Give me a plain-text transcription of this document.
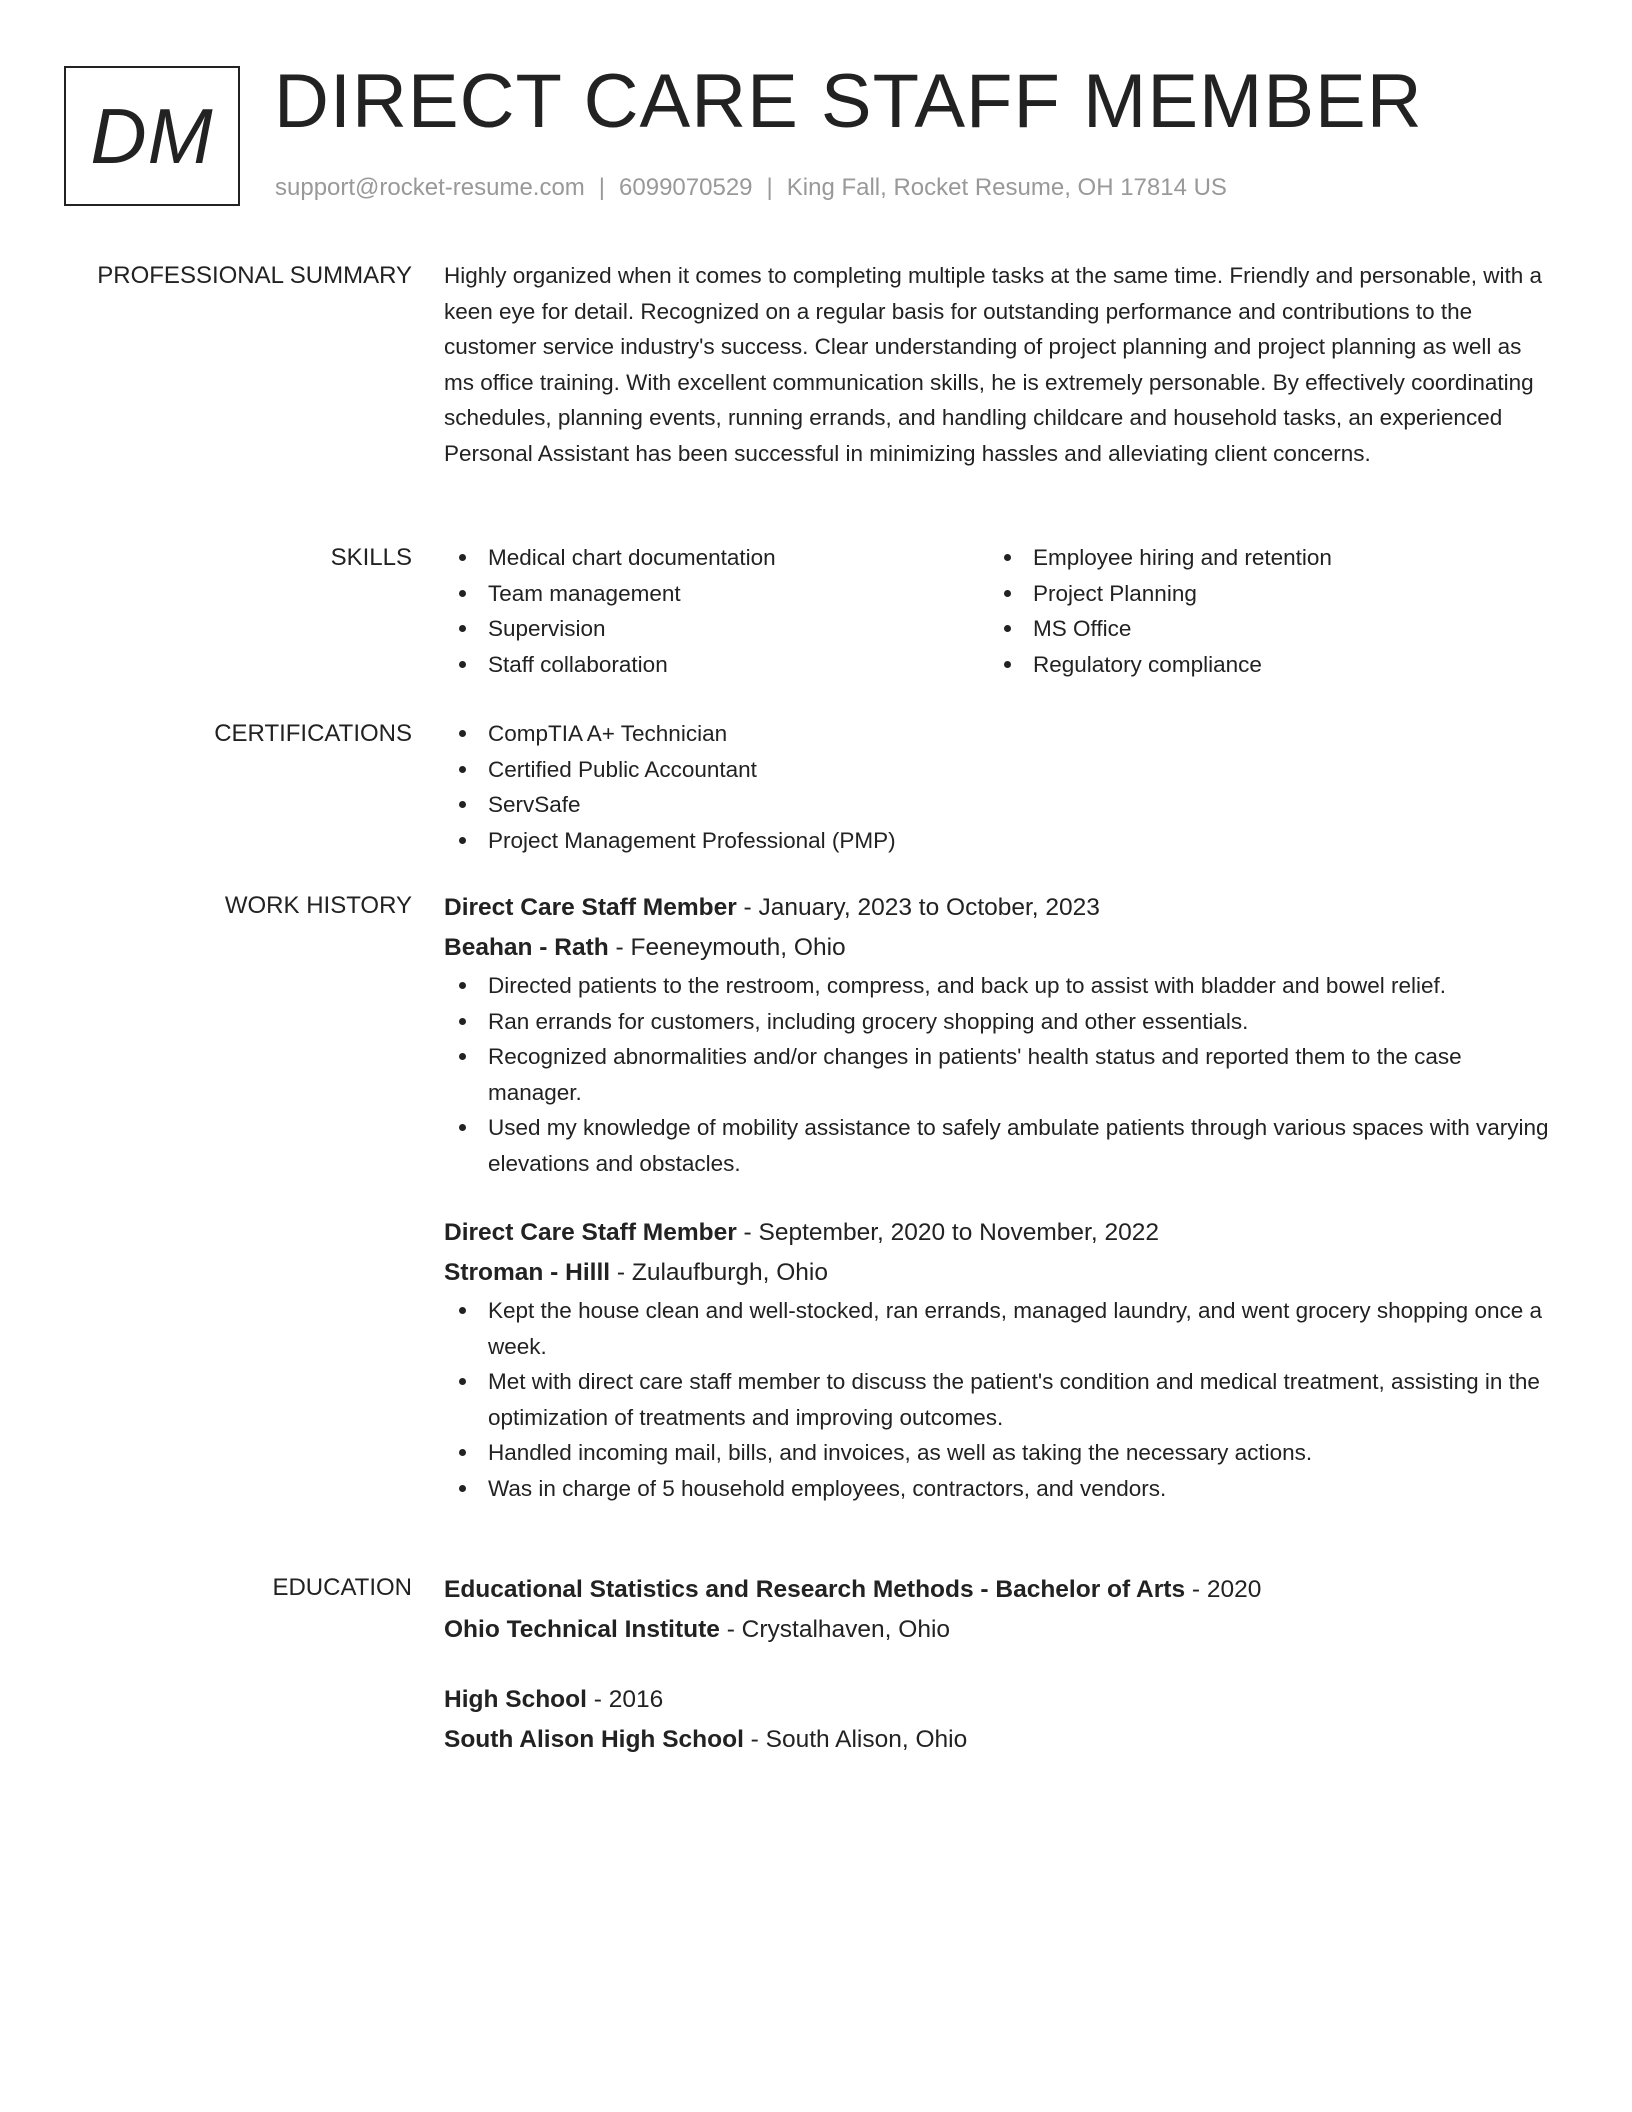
DM DIRECT CARE STAFF MEMBER
support@rocket-resume.com | 6099070529 | King Fall, Rocket Resume, OH 17814 US
PROFESSIONAL SUMMARY Highly organized when it comes to completing multiple tasks at the same time. Friendly and personable, with a keen eye for detail. Recognized on a regular basis for outstanding performance and contributions to the customer service industry's success. Clear understanding of project planning and project planning as well as ms office training. With excellent communication skills, he is extremely personable. By effectively coordinating schedules, planning events, running errands, and handling childcare and household tasks, an experienced Personal Assistant has been successful in minimizing hassles and alleviating client concerns.
SKILLS	Medical chart documentation
Team management
Supervision
Staff collaboration
Employee hiring and retention
Project Planning
MS Office
Regulatory compliance
CERTIFICATIONS	CompTIA A+ Technician
Certified Public Accountant
ServSafe
Project Management Professional (PMP)
WORK HISTORY Direct Care Staff Member - January, 2023 to October, 2023
Beahan - Rath - Feeneymouth, Ohio
Directed patients to the restroom, compress, and back up to assist with bladder and bowel relief.
Ran errands for customers, including grocery shopping and other essentials.
Recognized abnormalities and/or changes in patients' health status and reported them to the case manager.
Used my knowledge of mobility assistance to safely ambulate patients through various spaces with varying elevations and obstacles.
Direct Care Staff Member - September, 2020 to November, 2022
Stroman - Hilll - Zulaufburgh, Ohio
Kept the house clean and well-stocked, ran errands, managed laundry, and went grocery shopping once a week.
Met with direct care staff member to discuss the patient's condition and medical treatment, assisting in the optimization of treatments and improving outcomes.
Handled incoming mail, bills, and invoices, as well as taking the necessary actions.
Was in charge of 5 household employees, contractors, and vendors.
EDUCATION Educational Statistics and Research Methods - Bachelor of Arts - 2020
Ohio Technical Institute - Crystalhaven, Ohio
High School - 2016
South Alison High School - South Alison, Ohio
